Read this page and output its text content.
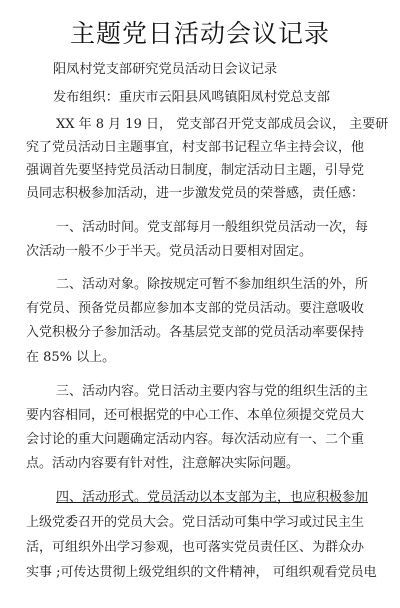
主题党日活动会议记录
阳凤村党支部研究党员活动日会议记录
发布组织：重庆市云阳县风鸣镇阳凤村党总支部
XX 年 8 月 19 日， 党支部召开党支部成员会议， 主要研
究了党员活动日主题事宜，村支部书记程立华主持会议，他
强调首先要坚持党员活动日制度，制定活动日主题，引导党
员同志积极参加活动，进一步激发党员的荣誉感，责任感：
一、活动时间。党支部每月一般组织党员活动一次，每
次活动一般不少于半天。党员活动日要相对固定。
二、活动对象。除按规定可暂不参加组织生活的外，所
有党员、预备党员都应参加本支部的党员活动。要注意吸收
入党积极分子参加活动。各基层党支部的党员活动率要保持
在 85% 以上。
三、活动内容。党日活动主要内容与党的组织生活的主
要内容相同，还可根据党的中心工作、本单位须提交党员大
会讨论的重大问题确定活动内容。每次活动应有一、二个重
点。活动内容要有针对性，注意解决实际问题。
四、活动形式。党员活动以本支部为主，也应积极参加
上级党委召开的党员大会。党日活动可集中学习或过民主生
活，可组织外出学习参观，也可落实党员责任区、为群众办
实事 ;可传达贯彻上级党组织的文件精神， 可组织观看党员电
